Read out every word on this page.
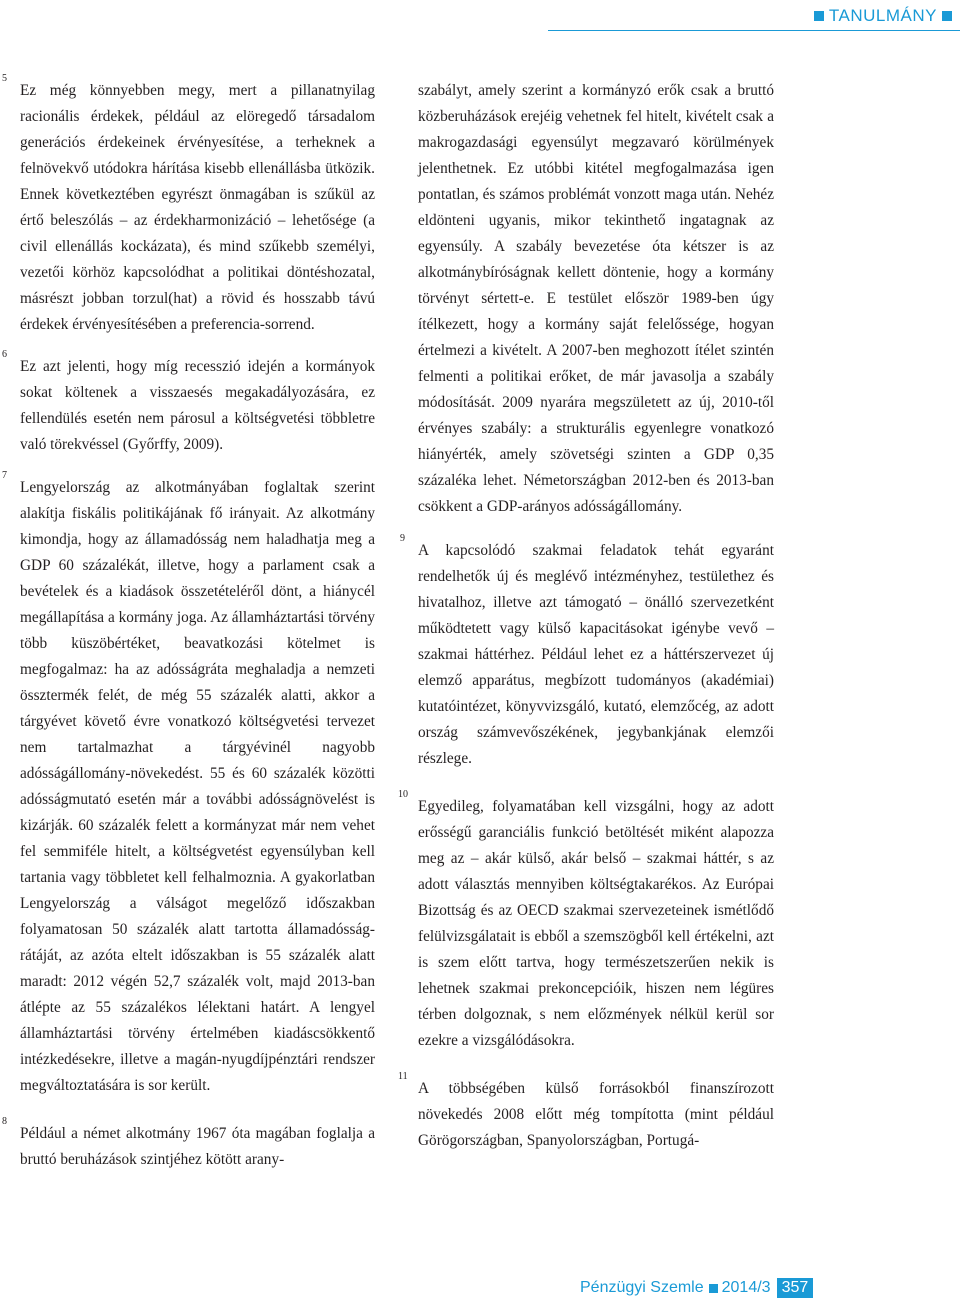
TANULMÁNY

5
Ez még könnyebben megy, mert a pillanatnyilag racionális érdekek, például az elöregedő társadalom generációs érdekeinek érvényesítése, a terheknek a felnövekvő utódokra hárítása kisebb ellenállásba ütközik. Ennek következtében egyrészt önmagában is szűkül az értő beleszólás – az érdekharmonizáció – lehetősége (a civil ellenállás kockázata), és mind szűkebb személyi, vezetői körhöz kapcsolódhat a politikai döntéshozatal, másrészt jobban torzul(hat) a rövid és hosszabb távú érdekek érvényesítésében a preferencia-sorrend.

6
Ez azt jelenti, hogy míg recesszió idején a kormányok sokat költenek a visszaesés megakadályozására, ez fellendülés esetén nem párosul a költségvetési többletre való törekvéssel (Győrffy, 2009).

7
Lengyelország az alkotmányában foglaltak szerint alakítja fiskális politikájának fő irányait. Az alkotmány kimondja, hogy az államadósság nem haladhatja meg a GDP 60 százalékát, illetve, hogy a parlament csak a bevételek és a kiadások összetételéről dönt, a hiánycél megállapítása a kormány joga. Az államháztartási törvény több küszöbértéket, beavatkozási kötelmet is megfogalmaz: ha az adósságráta meghaladja a nemzeti össztermék felét, de még 55 százalék alatti, akkor a tárgyévet követő évre vonatkozó költségvetési tervezet nem tartalmazhat a tárgyévinél nagyobb adósságállomány-növekedést. 55 és 60 százalék közötti adósságmutató esetén már a további adósságnövelést is kizárják. 60 százalék felett a kormányzat már nem vehet fel semmiféle hitelt, a költségvetést egyensúlyban kell tartania vagy többletet kell felhalmoznia. A gyakorlatban Lengyelország a válságot megelőző időszakban folyamatosan 50 százalék alatt tartotta államadósság-rátáját, az azóta eltelt időszakban is 55 százalék alatt maradt: 2012 végén 52,7 százalék volt, majd 2013-ban átlépte az 55 százalékos lélektani határt. A lengyel államháztartási törvény értelmében kiadáscsökkentő intézkedésekre, illetve a magán-nyugdíjpénztári rendszer megváltoztatására is sor került.

8
Például a német alkotmány 1967 óta magában foglalja a bruttó beruházások szintjéhez kötött arany-

szabályt, amely szerint a kormányzó erők csak a bruttó közberuházások erejéig vehetnek fel hitelt, kivételt csak a makrogazdasági egyensúlyt megzavaró körülmények jelenthetnek. Ez utóbbi kitétel megfogalmazása igen pontatlan, és számos problémát vonzott maga után. Nehéz eldönteni ugyanis, mikor tekinthető ingatagnak az egyensúly. A szabály bevezetése óta kétszer is az alkotmánybíróságnak kellett döntenie, hogy a kormány törvényt sértett-e. E testület először 1989-ben úgy ítélkezett, hogy a kormány saját felelőssége, hogyan értelmezi a kivételt. A 2007-ben meghozott ítélet szintén felmenti a politikai erőket, de már javasolja a szabály módosítását. 2009 nyarára megszületett az új, 2010-től érvényes szabály: a strukturális egyenlegre vonatkozó hiányérték, amely szövetségi szinten a GDP 0,35 százaléka lehet. Németországban 2012-ben és 2013-ban csökkent a GDP-arányos adósságállomány.

9
A kapcsolódó szakmai feladatok tehát egyaránt rendelhetők új és meglévő intézményhez, testülethez és hivatalhoz, illetve azt támogató – önálló szervezetként működtetett vagy külső kapacitásokat igénybe vevő – szakmai háttérhez. Például lehet ez a háttérszervezet új elemző apparátus, megbízott tudományos (akadémiai) kutatóintézet, könyvvizsgáló, kutató, elemzőcég, az adott ország számvevőszékének, jegybankjának elemzői részlege.

10
Egyedileg, folyamatában kell vizsgálni, hogy az adott erősségű garanciális funkció betöltését miként alapozza meg az – akár külső, akár belső – szakmai háttér, s az adott választás mennyiben költségtakarékos. Az Európai Bizottság és az OECD szakmai szervezeteinek ismétlődő felülvizsgálatait is ebből a szemszögből kell értékelni, azt is szem előtt tartva, hogy természetszerűen nekik is lehetnek szakmai prekoncepcióik, hiszen nem légüres térben dolgoznak, s nem előzmények nélkül kerül sor ezekre a vizsgálódásokra.

11
A többségében külső forrásokból finanszírozott növekedés 2008 előtt még tompította (mint például Görögországban, Spanyolországban, Portugá-

Pénzügyi Szemle 2014/3 357
